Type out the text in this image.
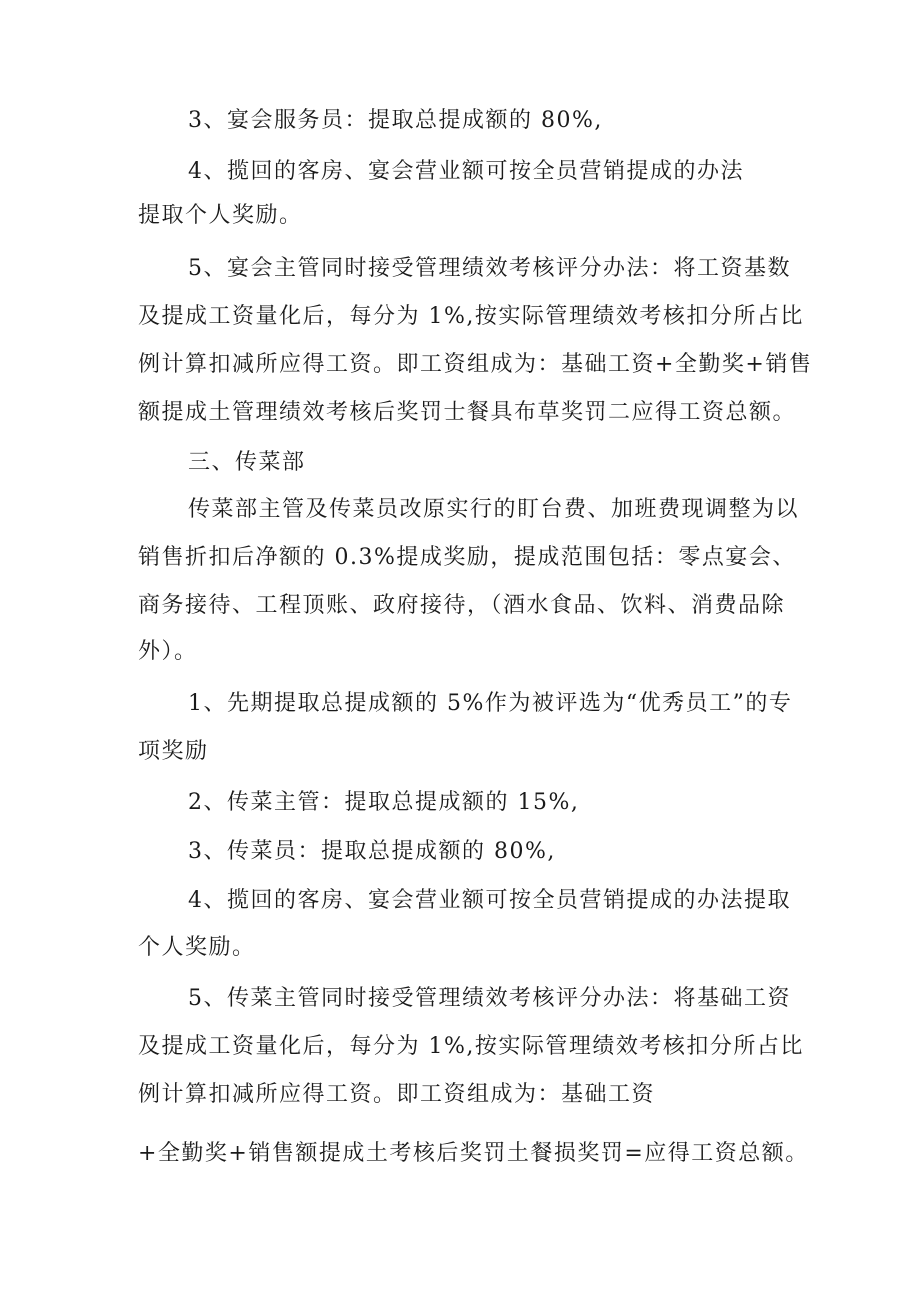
3、宴会服务员：提取总提成额的 80%,
4、揽回的客房、宴会营业额可按全员营销提成的办法
提取个人奖励。
5、宴会主管同时接受管理绩效考核评分办法：将工资基数
及提成工资量化后，每分为 1%,按实际管理绩效考核扣分所占比
例计算扣减所应得工资。即工资组成为：基础工资+全勤奖+销售
额提成土管理绩效考核后奖罚士餐具布草奖罚二应得工资总额。
三、传菜部
传菜部主管及传菜员改原实行的盯台费、加班费现调整为以
销售折扣后净额的 0.3%提成奖励，提成范围包括：零点宴会、
商务接待、工程顶账、政府接待，（酒水食品、饮料、消费品除
外）。
1、先期提取总提成额的 5%作为被评选为“优秀员工”的专
项奖励
2、传菜主管：提取总提成额的 15%,
3、传菜员：提取总提成额的 80%,
4、揽回的客房、宴会营业额可按全员营销提成的办法提取
个人奖励。
5、传菜主管同时接受管理绩效考核评分办法：将基础工资
及提成工资量化后，每分为 1%,按实际管理绩效考核扣分所占比
例计算扣减所应得工资。即工资组成为：基础工资
+全勤奖+销售额提成土考核后奖罚土餐损奖罚=应得工资总额。
